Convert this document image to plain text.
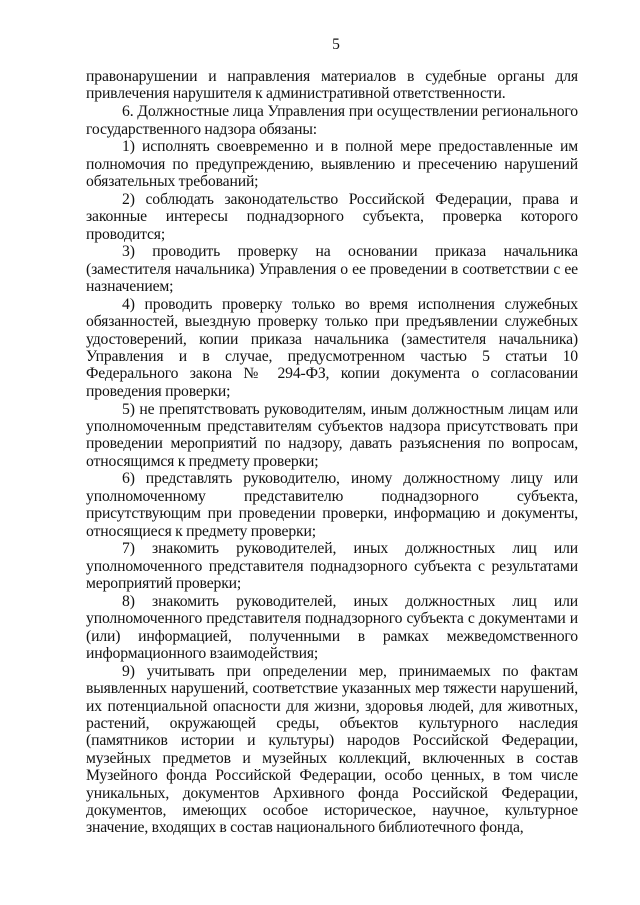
5

правонарушении и направления материалов в судебные органы для привлечения нарушителя к административной ответственности.

6. Должностные лица Управления при осуществлении регионального государственного надзора обязаны:

1) исполнять своевременно и в полной мере предоставленные им полномочия по предупреждению, выявлению и пресечению нарушений обязательных требований;

2) соблюдать законодательство Российской Федерации, права и законные интересы поднадзорного субъекта, проверка которого проводится;

3) проводить проверку на основании приказа начальника (заместителя начальника) Управления о ее проведении в соответствии с ее назначением;

4) проводить проверку только во время исполнения служебных обязанностей, выездную проверку только при предъявлении служебных удостоверений, копии приказа начальника (заместителя начальника) Управления и в случае, предусмотренном частью 5 статьи 10 Федерального закона № 294-ФЗ, копии документа о согласовании проведения проверки;

5) не препятствовать руководителям, иным должностным лицам или уполномоченным представителям субъектов надзора присутствовать при проведении мероприятий по надзору, давать разъяснения по вопросам, относящимся к предмету проверки;

6) представлять руководителю, иному должностному лицу или уполномоченному представителю поднадзорного субъекта, присутствующим при проведении проверки, информацию и документы, относящиеся к предмету проверки;

7) знакомить руководителей, иных должностных лиц или уполномоченного представителя поднадзорного субъекта с результатами мероприятий проверки;

8) знакомить руководителей, иных должностных лиц или уполномоченного представителя поднадзорного субъекта с документами и (или) информацией, полученными в рамках межведомственного информационного взаимодействия;

9) учитывать при определении мер, принимаемых по фактам выявленных нарушений, соответствие указанных мер тяжести нарушений, их потенциальной опасности для жизни, здоровья людей, для животных, растений, окружающей среды, объектов культурного наследия (памятников истории и культуры) народов Российской Федерации, музейных предметов и музейных коллекций, включенных в состав Музейного фонда Российской Федерации, особо ценных, в том числе уникальных, документов Архивного фонда Российской Федерации, документов, имеющих особое историческое, научное, культурное значение, входящих в состав национального библиотечного фонда,
